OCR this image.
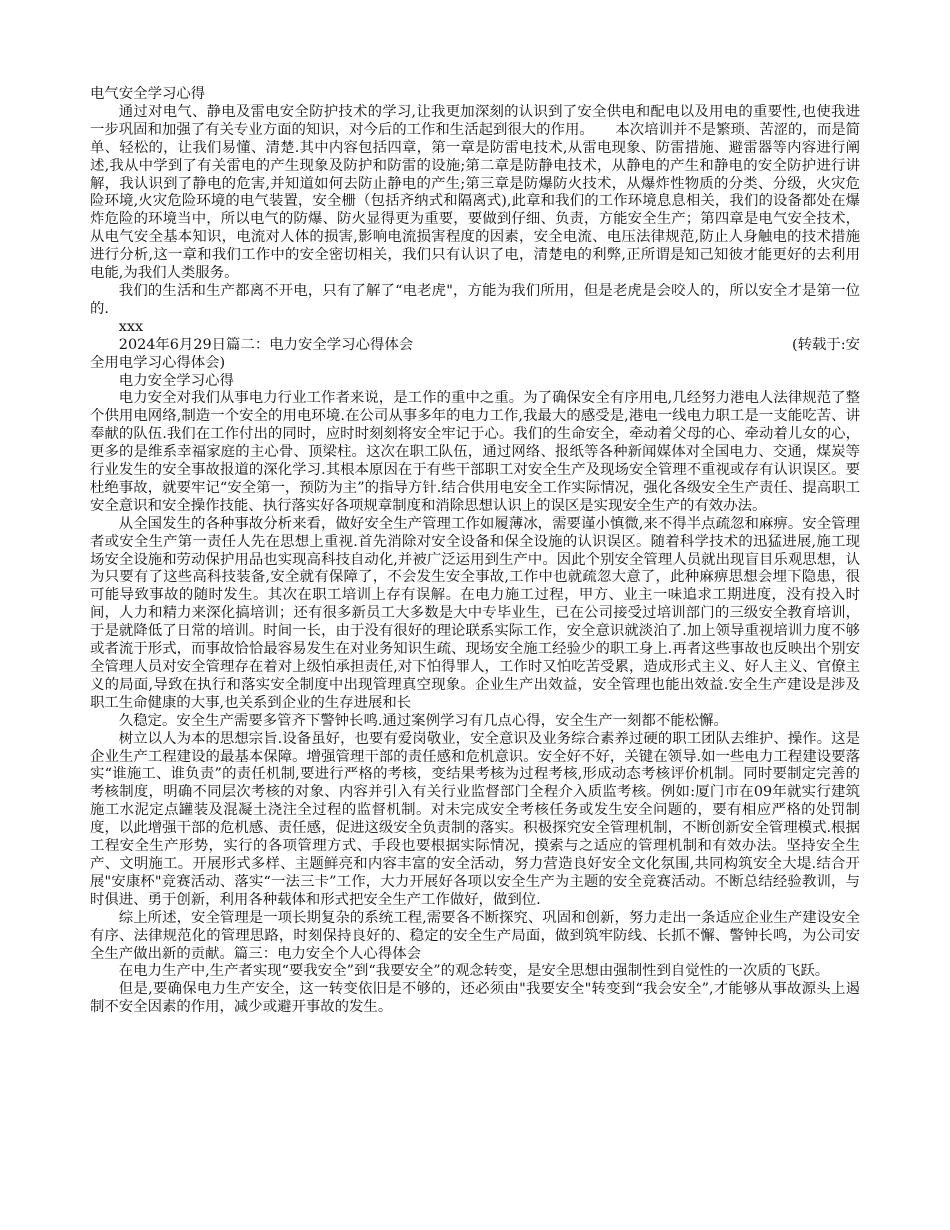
电气安全学习心得

通过对电气、静电及雷电安全防护技术的学习,让我更加深刻的认识到了安全供电和配电以及用电的重要性,也使我进一步巩固和加强了有关专业方面的知识，对今后的工作和生活起到很大的作用。　　本次培训并不是繁琐、苦涩的，而是简单、轻松的，让我们易懂、清楚.其中内容包括四章，第一章是防雷电技术,从雷电现象、防雷措施、避雷器等内容进行阐述,我从中学到了有关雷电的产生现象及防护和防雷的设施;第二章是防静电技术，从静电的产生和静电的安全防护进行讲解，我认识到了静电的危害,并知道如何去防止静电的产生;第三章是防爆防火技术，从爆炸性物质的分类、分级，火灾危险环境,火灾危险环境的电气装置，安全栅（包括齐纳式和隔离式),此章和我们的工作环境息息相关，我们的设备都处在爆炸危险的环境当中，所以电气的防爆、防火显得更为重要，要做到仔细、负责，方能安全生产；第四章是电气安全技术，从电气安全基本知识，电流对人体的损害,影响电流损害程度的因素，安全电流、电压法律规范,防止人身触电的技术措施进行分析,这一章和我们工作中的安全密切相关，我们只有认识了电，清楚电的利弊,正所谓是知己知彼才能更好的去利用电能,为我们人类服务。

我们的生活和生产都离不开电，只有了解了“电老虎"，方能为我们所用，但是老虎是会咬人的，所以安全才是第一位的.

xxx

2024年6月29日篇二：电力安全学习心得体会	(转载于:安

全用电学习心得体会)

电力安全学习心得

电力安全对我们从事电力行业工作者来说，是工作的重中之重。为了确保安全有序用电,几经努力港电人法律规范了整个供用电网络,制造一个安全的用电环境.在公司从事多年的电力工作,我最大的感受是,港电一线电力职工是一支能吃苦、讲奉献的队伍.我们在工作付出的同时，应时时刻刻将安全牢记于心。我们的生命安全，牵动着父母的心、牵动着儿女的心，更多的是维系幸福家庭的主心骨、顶梁柱。这次在职工队伍，通过网络、报纸等各种新闻媒体对全国电力、交通，煤炭等行业发生的安全事故报道的深化学习.其根本原因在于有些干部职工对安全生产及现场安全管理不重视或存有认识误区。要杜绝事故，就要牢记“安全第一，预防为主”的指导方针.结合供用电安全工作实际情况，强化各级安全生产责任、提高职工安全意识和安全操作技能、执行落实好各项规章制度和消除思想认识上的误区是实现安全生产的有效办法。

从全国发生的各种事故分析来看，做好安全生产管理工作如履薄冰，需要谨小慎微,来不得半点疏忽和麻痹。安全管理者或安全生产第一责任人先在思想上重视.首先消除对安全设备和保全设施的认识误区。随着科学技术的迅猛进展,施工现场安全设施和劳动保护用品也实现高科技自动化,并被广泛运用到生产中。因此个别安全管理人员就出现盲目乐观思想，认为只要有了这些高科技装备,安全就有保障了，不会发生安全事故,工作中也就疏忽大意了，此种麻痹思想会埋下隐患，很可能导致事故的随时发生。其次在职工培训上存有误解。在电力施工过程，甲方、业主一味追求工期进度，没有投入时间，人力和精力来深化搞培训；还有很多新员工大多数是大中专毕业生，已在公司接受过培训部门的三级安全教育培训，于是就降低了日常的培训。时间一长，由于没有很好的理论联系实际工作，安全意识就淡泊了.加上领导重视培训力度不够或者流于形式，而事故恰恰最容易发生在对业务知识生疏、现场安全施工经验少的职工身上.再者这些事故也反映出个别安全管理人员对安全管理存在着对上级怕承担责任,对下怕得罪人，工作时又怕吃苦受累，造成形式主义、好人主义、官僚主义的局面,导致在执行和落实安全制度中出现管理真空现象。企业生产出效益，安全管理也能出效益.安全生产建设是涉及职工生命健康的大事,也关系到企业的生存进展和长

久稳定。安全生产需要多管齐下警钟长鸣.通过案例学习有几点心得，安全生产一刻都不能松懈。

树立以人为本的思想宗旨.设备虽好，也要有爱岗敬业，安全意识及业务综合素养过硬的职工团队去维护、操作。这是企业生产工程建设的最基本保障。增强管理干部的责任感和危机意识。安全好不好，关键在领导.如一些电力工程建设要落实“谁施工、谁负责”的责任机制,要进行严格的考核，变结果考核为过程考核,形成动态考核评价机制。同时要制定完善的考核制度，明确不同层次考核的对象、内容并引入有关行业监督部门全程介入质监考核。例如:厦门市在09年就实行建筑施工水泥定点罐装及混凝土浇注全过程的监督机制。对未完成安全考核任务或发生安全问题的，要有相应严格的处罚制度，以此增强干部的危机感、责任感，促进这级安全负责制的落实。积极探究安全管理机制，不断创新安全管理模式.根据工程安全生产形势，实行的各项管理方式、手段也要根据实际情况，摸索与之适应的管理机制和有效办法。坚持安全生产、文明施工。开展形式多样、主题鲜亮和内容丰富的安全活动，努力营造良好安全文化氛围,共同构筑安全大堤.结合开展"安康杯"竞赛活动、落实“一法三卡”工作，大力开展好各项以安全生产为主题的安全竞赛活动。不断总结经验教训，与时俱进、勇于创新，利用各种载体和形式把安全生产工作做好，做到位.

综上所述，安全管理是一项长期复杂的系统工程,需要各不断探究、巩固和创新，努力走出一条适应企业生产建设安全有序、法律规范化的管理思路，时刻保持良好的、稳定的安全生产局面，做到筑牢防线、长抓不懈、警钟长鸣，为公司安全生产做出新的贡献。篇三：电力安全个人心得体会

在电力生产中,生产者实现“要我安全”到“我要安全”的观念转变，是安全思想由强制性到自觉性的一次质的飞跃。

但是,要确保电力生产安全，这一转变依旧是不够的，还必须由"我要安全"转变到“我会安全”,才能够从事故源头上遏制不安全因素的作用，减少或避开事故的发生。
